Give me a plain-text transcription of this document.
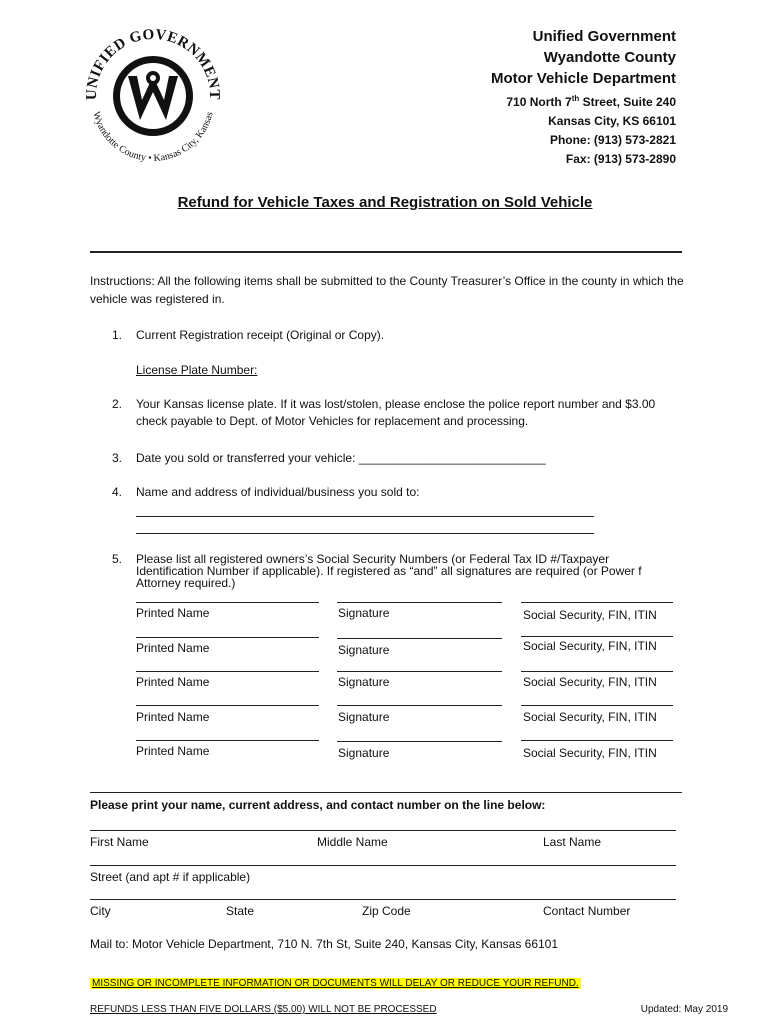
UNIFIED GOVERNMENT
Wyandotte County • Kansas City, Kansas
Unified Government
Wyandotte County
Motor Vehicle Department
710 North 7th Street, Suite 240
Kansas City, KS 66101
Phone: (913) 573-2821
Fax: (913) 573-2890
Refund for Vehicle Taxes and Registration on Sold Vehicle
Instructions: All the following items shall be submitted to the County Treasurer’s Office in the county in which the vehicle was registered in.
1. Current Registration receipt (Original or Copy).
License Plate Number:
2. Your Kansas license plate. If it was lost/stolen, please enclose the police report number and $3.00 check payable to Dept. of Motor Vehicles for replacement and processing.
3. Date you sold or transferred your vehicle: ____________________________
4. Name and address of individual/business you sold to:
5. Please list all registered owners’s Social Security Numbers (or Federal Tax ID #/Taxpayer Identification Number if applicable). If registered as “and” all signatures are required (or Power f Attorney required.)
Printed Name	Signature	Social Security, FIN, ITIN
Printed Name	Signature	Social Security, FIN, ITIN
Printed Name	Signature	Social Security, FIN, ITIN
Printed Name	Signature	Social Security, FIN, ITIN
Printed Name	Signature	Social Security, FIN, ITIN
Please print your name, current address, and contact number on the line below:
First Name	Middle Name	Last Name
Street (and apt # if applicable)
City	State	Zip Code	Contact Number
Mail to: Motor Vehicle Department, 710 N. 7th St, Suite 240, Kansas City, Kansas 66101
MISSING OR INCOMPLETE INFORMATION OR DOCUMENTS WILL DELAY OR REDUCE YOUR REFUND.
REFUNDS LESS THAN FIVE DOLLARS ($5.00) WILL NOT BE PROCESSED	Updated: May 2019
